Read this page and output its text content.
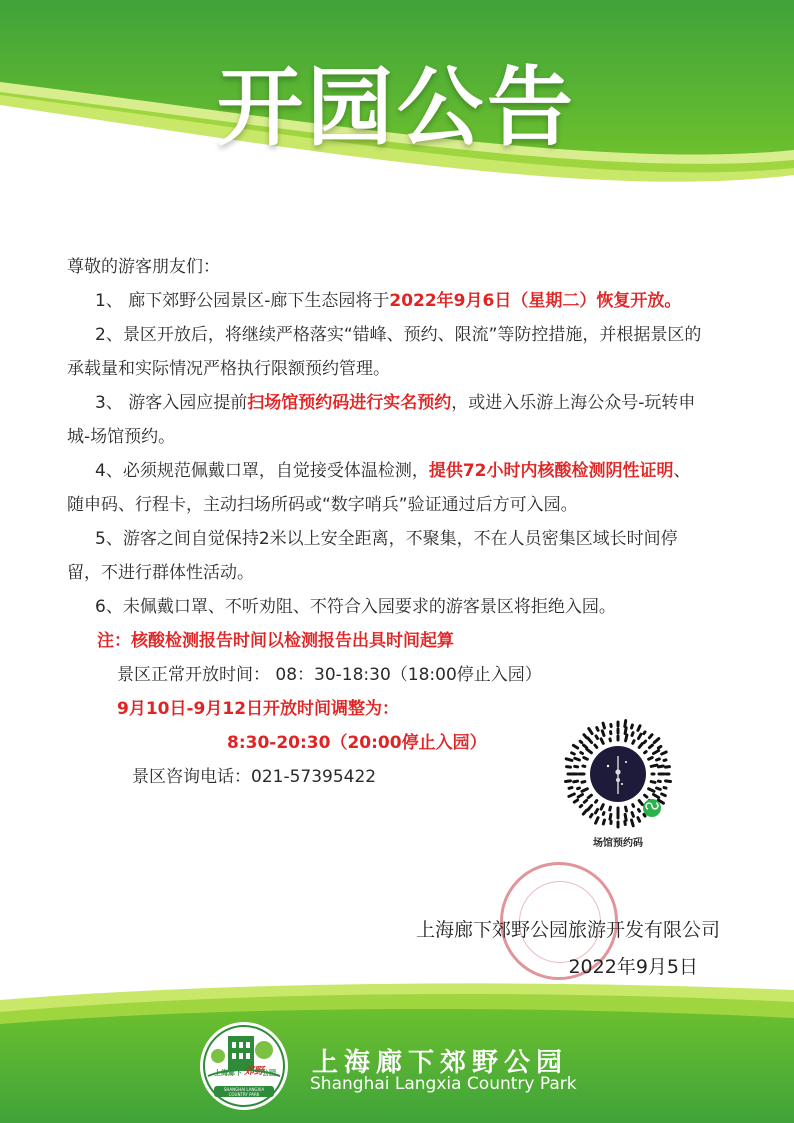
开园公告

尊敬的游客朋友们：

1、 廊下郊野公园景区-廊下生态园将于2022年9月6日（星期二）恢复开放。

2、景区开放后，将继续严格落实“错峰、预约、限流”等防控措施，并根据景区的承载量和实际情况严格执行限额预约管理。

3、 游客入园应提前扫场馆预约码进行实名预约，或进入乐游上海公众号-玩转申城-场馆预约。

4、必须规范佩戴口罩，自觉接受体温检测，提供72小时内核酸检测阴性证明、随申码、行程卡，主动扫场所码或“数字哨兵”验证通过后方可入园。

5、游客之间自觉保持2米以上安全距离，不聚集，不在人员密集区域长时间停留，不进行群体性活动。

6、未佩戴口罩、不听劝阻、不符合入园要求的游客景区将拒绝入园。

注：核酸检测报告时间以检测报告出具时间起算

景区正常开放时间： 08：30-18:30（18:00停止入园）

9月10日-9月12日开放时间调整为：

8:30-20:30（20:00停止入园）

景区咨询电话：021-57395422

场馆预约码
上海廊下郊野公园旅游开发有限公司
2022年9月5日
上海廊下 郊野
公园
SHANGHAI LANGXIA COUNTRY PARK
上海廊下郊野公园
Shanghai Langxia Country Park
